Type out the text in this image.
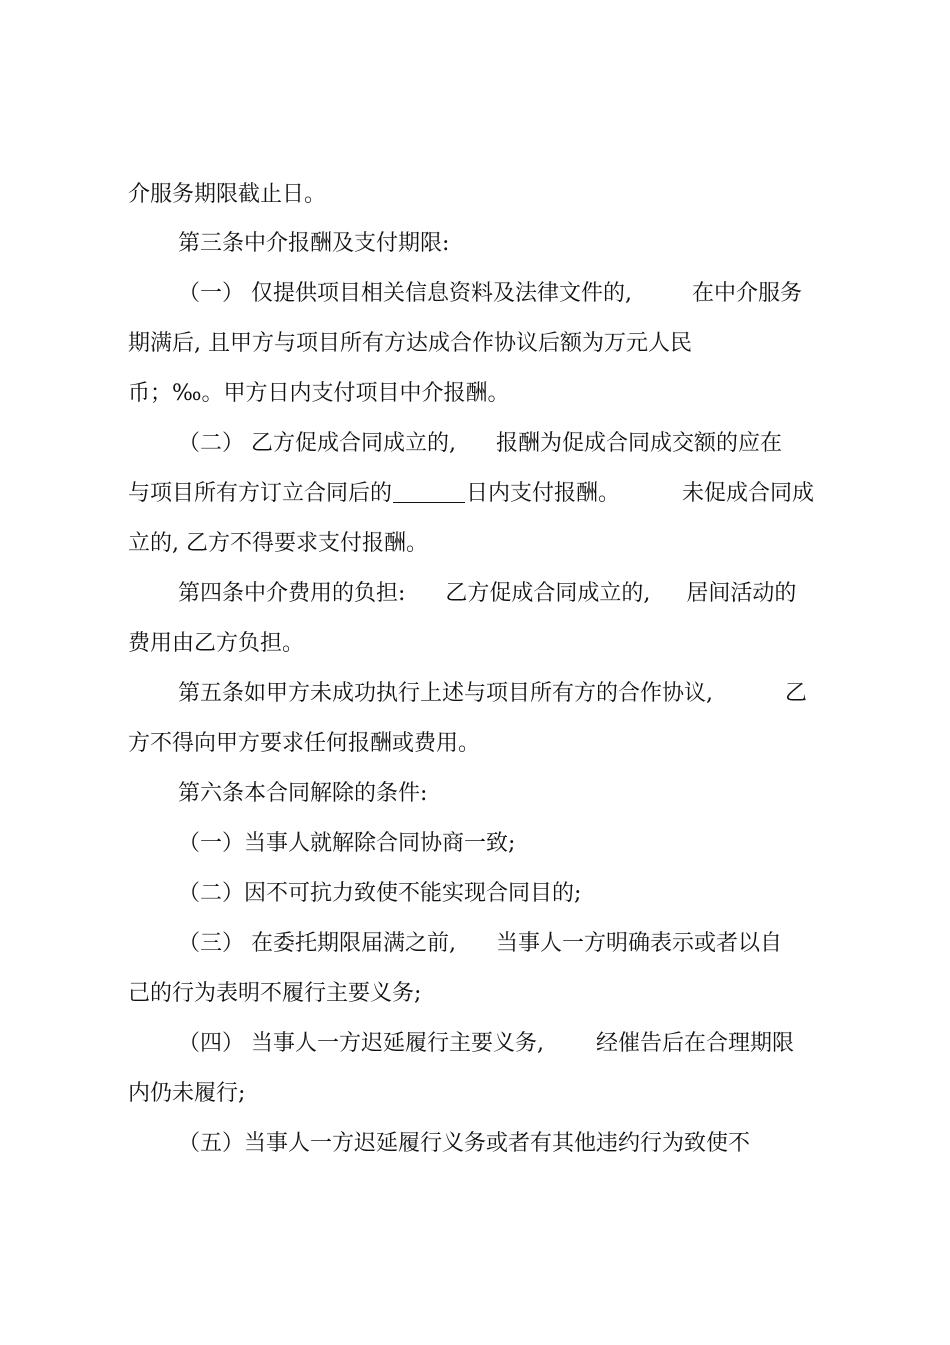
介服务期限截止日。

第三条中介报酬及支付期限:

（一） 仅提供项目相关信息资料及法律文件的,	在中介服务

期满后, 且甲方与项目所有方达成合作协议后额为万元人民

币；‰。甲方日内支付项目中介报酬。

（二） 乙方促成合同成立的, 报酬为促成合同成交额的应在

与项目所有方订立合同后的	日内支付报酬。	未促成合同成

立的, 乙方不得要求支付报酬。

第四条中介费用的负担: 乙方促成合同成立的, 居间活动的

费用由乙方负担。

第五条如甲方未成功执行上述与项目所有方的合作协议,	乙

方不得向甲方要求任何报酬或费用。

第六条本合同解除的条件:

（一）当事人就解除合同协商一致;

（二）因不可抗力致使不能实现合同目的;

（三） 在委托期限届满之前, 当事人一方明确表示或者以自

己的行为表明不履行主要义务;

（四） 当事人一方迟延履行主要义务, 经催告后在合理期限

内仍未履行;

（五）当事人一方迟延履行义务或者有其他违约行为致使不
